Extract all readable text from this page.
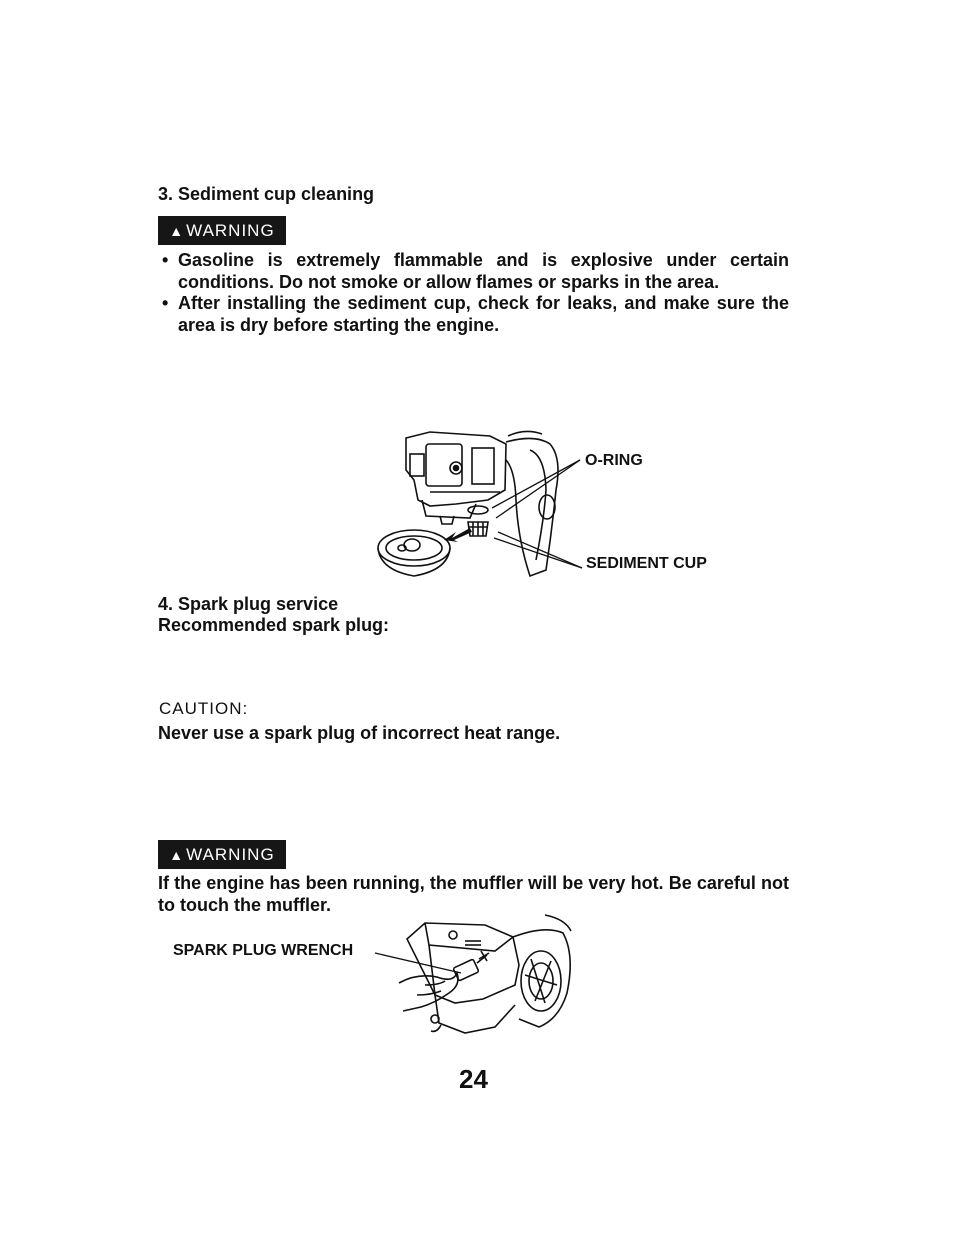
3. Sediment cup cleaning
▲ WARNING
• Gasoline is extremely flammable and is explosive under certain conditions. Do not smoke or allow flames or sparks in the area.
• After installing the sediment cup, check for leaks, and make sure the area is dry before starting the engine.
O-RING
SEDIMENT CUP
4. Spark plug service
Recommended spark plug:
CAUTION:
Never use a spark plug of incorrect heat range.
▲ WARNING
If the engine has been running, the muffler will be very hot. Be careful not to touch the muffler.
SPARK PLUG WRENCH
24
